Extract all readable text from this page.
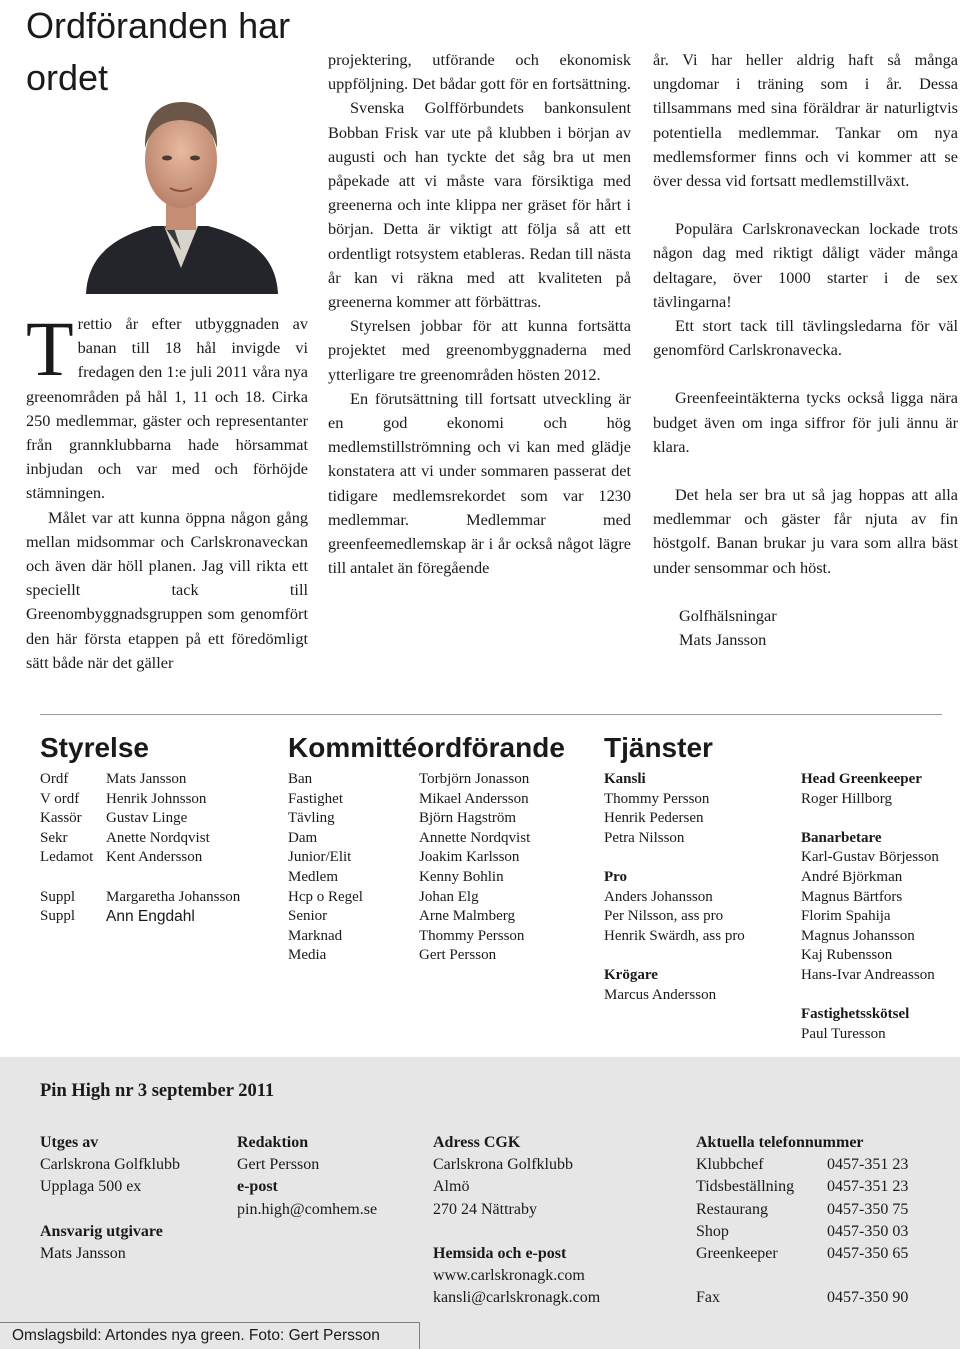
Ordföranden har ordet

Trettio år efter utbyggnaden av banan till 18 hål invigde vi fredagen den 1:e juli 2011 våra nya greenområden på hål 1, 11 och 18. Cirka 250 medlemmar, gäster och representanter från grannklubbarna hade hörsammat inbjudan och var med och förhöjde stämningen.

Målet var att kunna öppna någon gång mellan midsommar och Carlskronaveckan och även där höll planen. Jag vill rikta ett speciellt tack till Greenombyggnadsgruppen som genomfört den här första etappen på ett föredömligt sätt både när det gäller

projektering, utförande och ekonomisk uppföljning. Det bådar gott för en fortsättning.

Svenska Golfförbundets bankonsulent Bobban Frisk var ute på klubben i början av augusti och han tyckte det såg bra ut men påpekade att vi måste vara försiktiga med greenerna och inte klippa ner gräset för hårt i början. Detta är viktigt att följa så att ett ordentligt rotsystem etableras. Redan till nästa år kan vi räkna med att kvaliteten på greenerna kommer att förbättras.

Styrelsen jobbar för att kunna fortsätta projektet med greenombyggnaderna med ytterligare tre greenområden hösten 2012.

En förutsättning till fortsatt utveckling är en god ekonomi och hög medlemstillströmning och vi kan med glädje konstatera att vi under sommaren passerat det tidigare medlemsrekordet som var 1230 medlemmar. Medlemmar med greenfeemedlemskap är i år också något lägre till antalet än föregående

år. Vi har heller aldrig haft så många ungdomar i träning som i år. Dessa tillsammans med sina föräldrar är naturligtvis potentiella medlemmar. Tankar om nya medlemsformer finns och vi kommer att se över dessa vid fortsatt medlemstillväxt.

Populära Carlskronaveckan lockade trots någon dag med riktigt dåligt väder många deltagare, över 1000 starter i de sex tävlingarna!

Ett stort tack till tävlingsledarna för väl genomförd Carlskronavecka.

Greenfeeintäkterna tycks också ligga nära budget även om inga siffror för juli ännu är klara.

Det hela ser bra ut så jag hoppas att alla medlemmar och gäster får njuta av fin höstgolf. Banan brukar ju vara som allra bäst under sensommar och höst.

Golfhälsningar

Mats Jansson

Styrelse
Ordf	Mats Jansson
V ordf	Henrik Johnsson
Kassör	Gustav Linge
Sekr	Anette Nordqvist
Ledamot Kent Andersson
Suppl	Margaretha Johansson
Suppl	Ann Engdahl
Kommittéordförande
Ban	Torbjörn Jonasson
Fastighet	Mikael Andersson
Tävling	Björn Hagström
Dam	Annette Nordqvist
Junior/Elit	Joakim Karlsson
Medlem	Kenny Bohlin
Hcp o Regel	Johan Elg
Senior	Arne Malmberg
Marknad	Thommy Persson
Media	Gert Persson
Tjänster
Kansli
Thommy Persson
Henrik Pedersen
Petra Nilsson
Pro
Anders Johansson
Per Nilsson, ass pro
Henrik Swärdh, ass pro
Krögare
Marcus Andersson
Head Greenkeeper
Roger Hillborg
Banarbetare
Karl-Gustav Börjesson
André Björkman
Magnus Bärtfors
Florim Spahija
Magnus Johansson
Kaj Rubensson
Hans-Ivar Andreasson
Fastighetsskötsel
Paul Turesson
Pin High nr 3 september 2011
Utges av
Carlskrona Golfklubb
Upplaga 500 ex
Ansvarig utgivare
Mats Jansson
Redaktion
Gert Persson
e-post
pin.high@comhem.se
Adress CGK
Carlskrona Golfklubb
Almö
270 24 Nättraby
Hemsida och e-post
www.carlskronagk.com
kansli@carlskronagk.com
Aktuella telefonnummer
Klubbchef	0457-351 23
Tidsbeställning	0457-351 23
Restaurang	0457-350 75
Shop	0457-350 03
Greenkeeper	0457-350 65
Fax	0457-350 90
Omslagsbild: Artondes nya green. Foto: Gert Persson
